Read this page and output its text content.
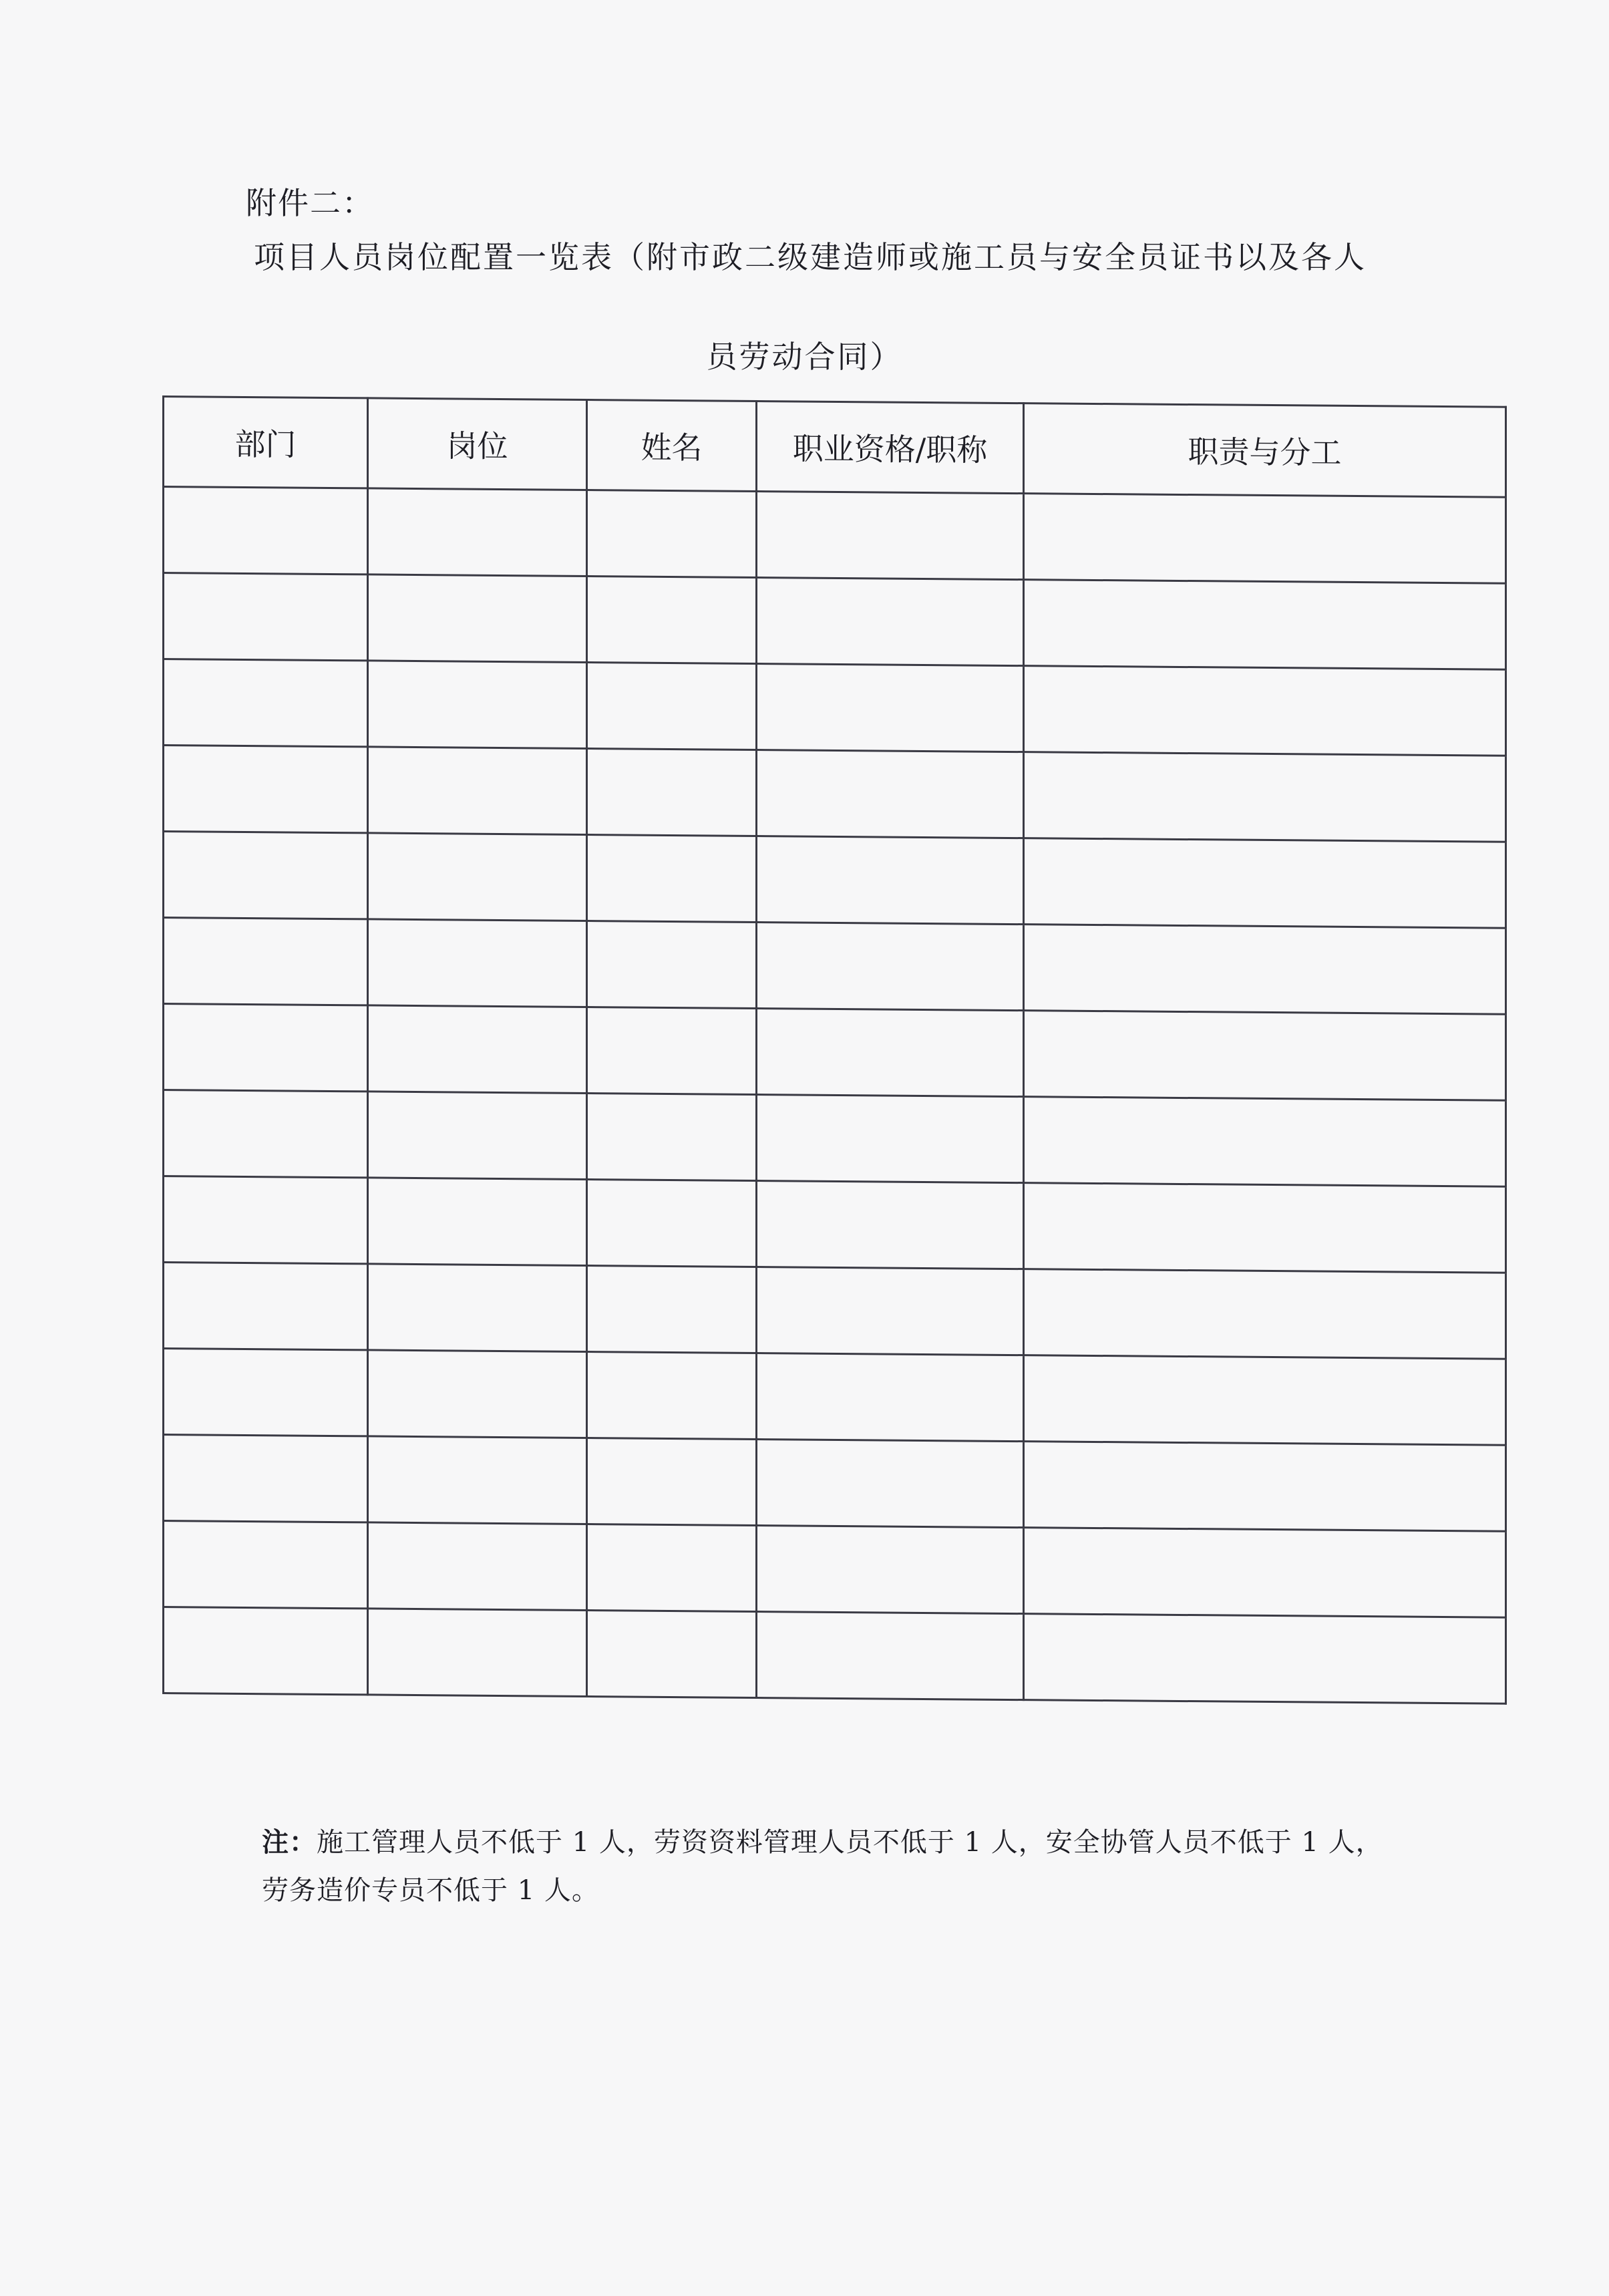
附件二：
项目人员岗位配置一览表（附市政二级建造师或施工员与安全员证书以及各人
员劳动合同）
部门	岗位	姓名	职业资格/职称	职责与分工

注：施工管理人员不低于 1 人，劳资资料管理人员不低于 1 人，安全协管人员不低于 1 人，

劳务造价专员不低于 1 人。
